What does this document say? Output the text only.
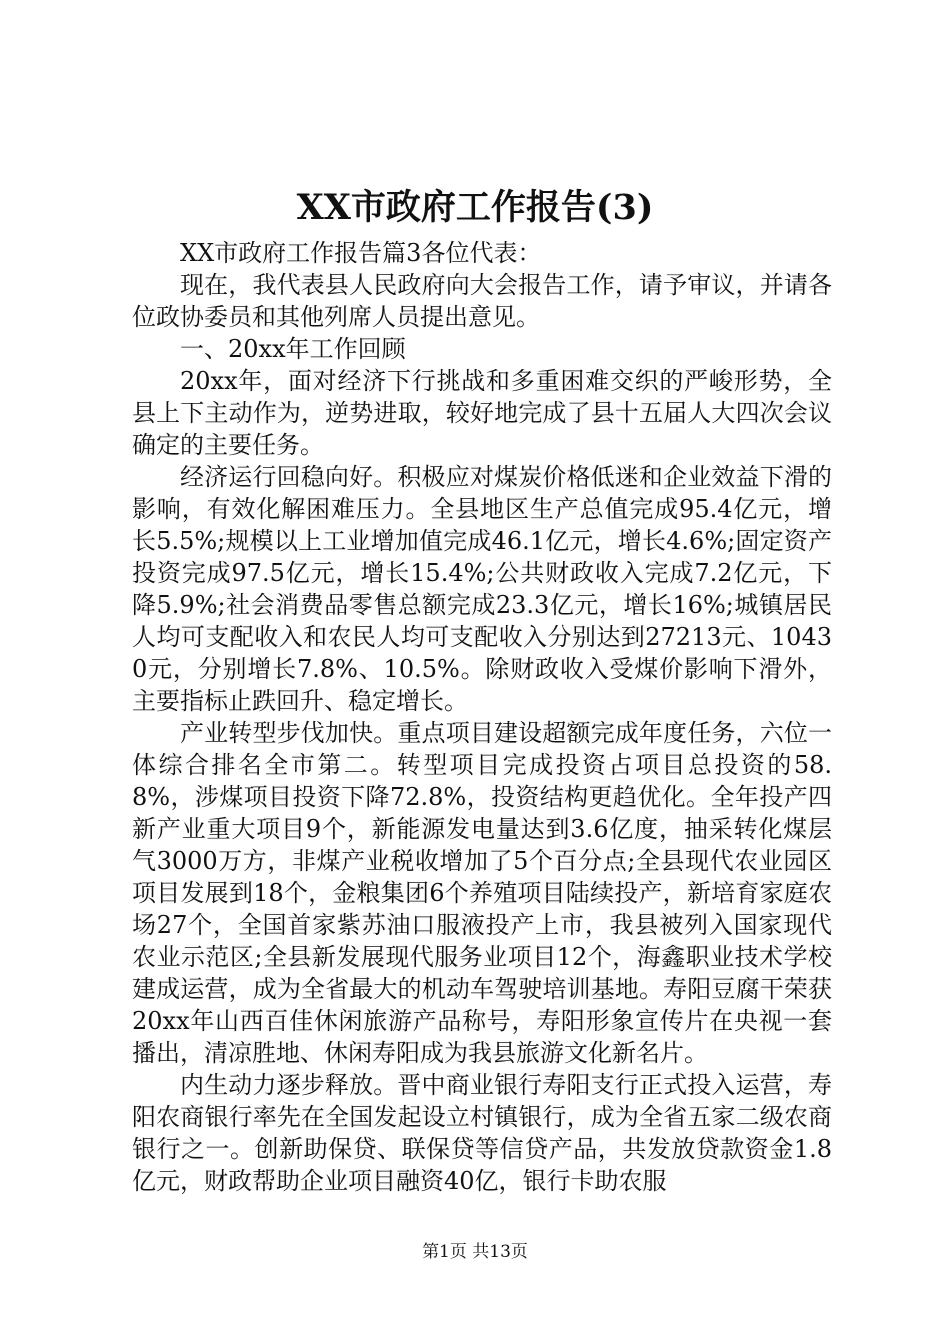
XX市政府工作报告(3)

XX市政府工作报告篇3各位代表：

现在，我代表县人民政府向大会报告工作，请予审议，并请各位政协委员和其他列席人员提出意见。

一、20xx年工作回顾

20xx年，面对经济下行挑战和多重困难交织的严峻形势，全县上下主动作为，逆势进取，较好地完成了县十五届人大四次会议确定的主要任务。

经济运行回稳向好。积极应对煤炭价格低迷和企业效益下滑的影响，有效化解困难压力。全县地区生产总值完成95.4亿元，增长5.5%;规模以上工业增加值完成46.1亿元，增长4.6%;固定资产投资完成97.5亿元，增长15.4%;公共财政收入完成7.2亿元，下降5.9%;社会消费品零售总额完成23.3亿元，增长16%;城镇居民人均可支配收入和农民人均可支配收入分别达到27213元、10430元，分别增长7.8%、10.5%。除财政收入受煤价影响下滑外，主要指标止跌回升、稳定增长。

产业转型步伐加快。重点项目建设超额完成年度任务，六位一体综合排名全市第二。转型项目完成投资占项目总投资的58.8%，涉煤项目投资下降72.8%，投资结构更趋优化。全年投产四新产业重大项目9个，新能源发电量达到3.6亿度，抽采转化煤层气3000万方，非煤产业税收增加了5个百分点;全县现代农业园区项目发展到18个，金粮集团6个养殖项目陆续投产，新培育家庭农场27个，全国首家紫苏油口服液投产上市，我县被列入国家现代农业示范区;全县新发展现代服务业项目12个，海鑫职业技术学校建成运营，成为全省最大的机动车驾驶培训基地。寿阳豆腐干荣获20xx年山西百佳休闲旅游产品称号，寿阳形象宣传片在央视一套播出，清凉胜地、休闲寿阳成为我县旅游文化新名片。

内生动力逐步释放。晋中商业银行寿阳支行正式投入运营，寿阳农商银行率先在全国发起设立村镇银行，成为全省五家二级农商银行之一。创新助保贷、联保贷等信贷产品，共发放贷款资金1.8亿元，财政帮助企业项目融资40亿，银行卡助农服

第1页 共13页
